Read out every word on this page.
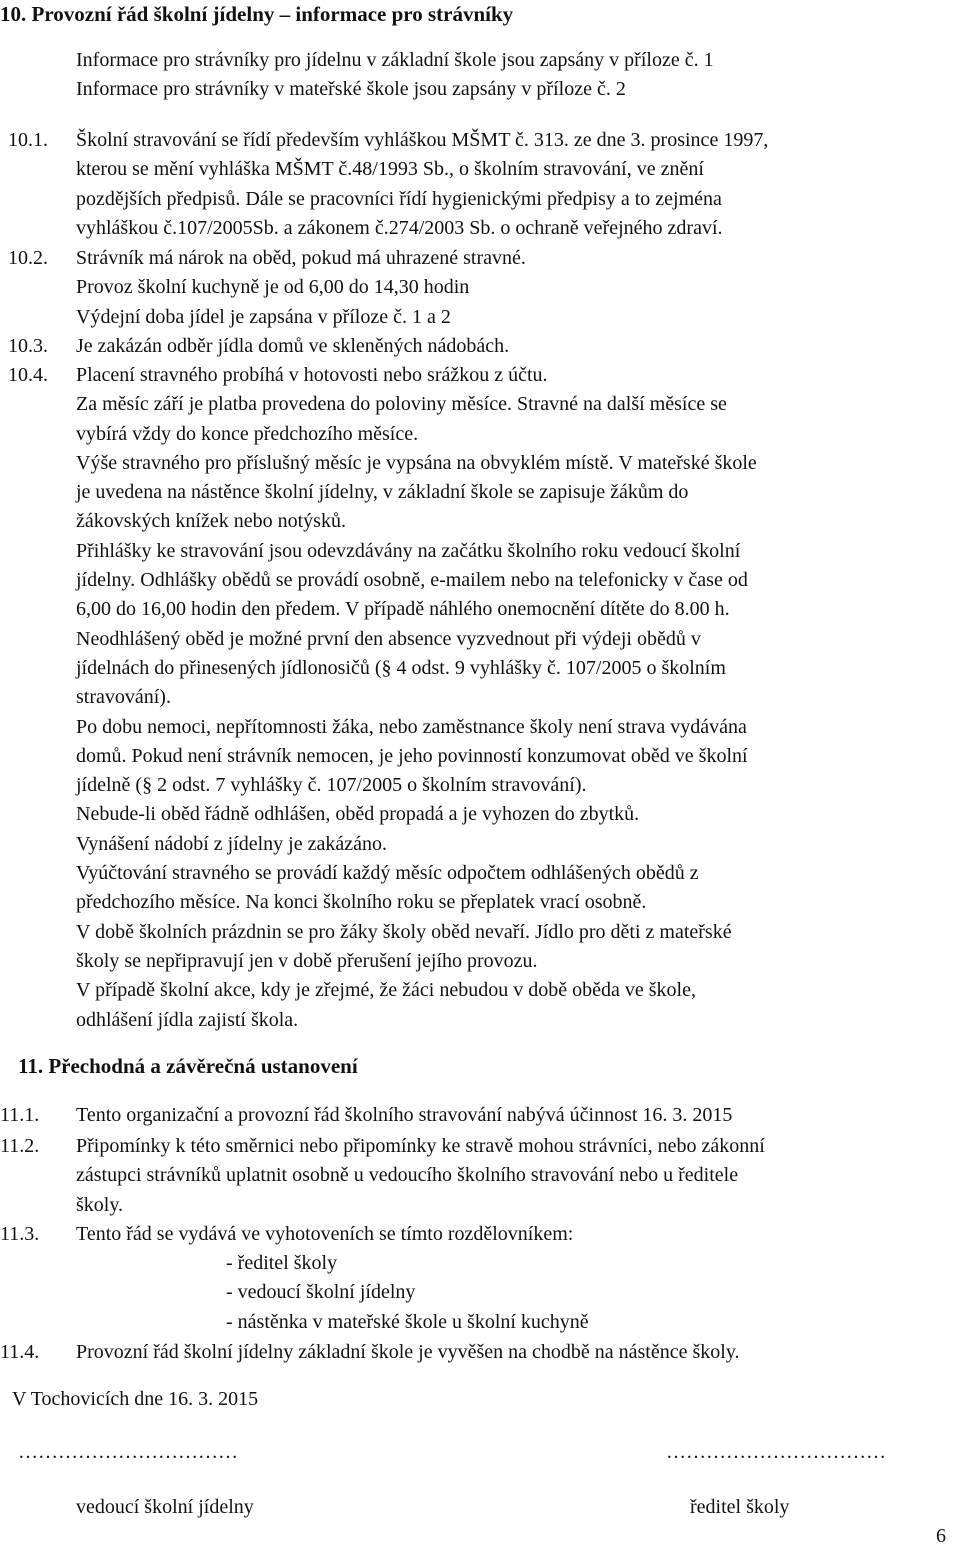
10. Provozní řád školní jídelny – informace pro strávníky
Informace pro strávníky pro jídelnu v základní škole jsou zapsány v příloze č. 1
Informace pro strávníky v mateřské škole jsou zapsány v příloze č. 2
10.1.	Školní stravování se řídí především vyhláškou MŠMT č. 313. ze dne 3. prosince 1997,
kterou se mění vyhláška MŠMT č.48/1993 Sb., o školním stravování, ve znění
pozdějších předpisů. Dále se pracovníci řídí hygienickými předpisy a to zejména
vyhláškou č.107/2005Sb. a zákonem č.274/2003 Sb. o ochraně veřejného zdraví.
10.2.	Strávník má nárok na oběd, pokud má uhrazené stravné.
Provoz školní kuchyně je od 6,00 do 14,30 hodin
Výdejní doba jídel je zapsána v příloze č. 1 a 2
10.3.	Je zakázán odběr jídla domů ve skleněných nádobách.
10.4.	Placení stravného probíhá v hotovosti nebo srážkou z účtu.
Za měsíc září je platba provedena do poloviny měsíce. Stravné na další měsíce se
vybírá vždy do konce předchozího měsíce.
Výše stravného pro příslušný měsíc je vypsána na obvyklém místě. V mateřské škole
je uvedena na nástěnce školní jídelny, v základní škole se zapisuje žákům do
žákovských knížek nebo notýsků.
Přihlášky ke stravování jsou odevzdávány na začátku školního roku vedoucí školní
jídelny. Odhlášky obědů se provádí osobně, e-mailem nebo na telefonicky v čase od
6,00 do 16,00 hodin den předem. V případě náhlého onemocnění dítěte do 8.00 h.
Neodhlášený oběd je možné první den absence vyzvednout při výdeji obědů v
jídelnách do přinesených jídlonosičů (§ 4 odst. 9 vyhlášky č. 107/2005 o školním
stravování).
Po dobu nemoci, nepřítomnosti žáka, nebo zaměstnance školy není strava vydávána
domů. Pokud není strávník nemocen, je jeho povinností konzumovat oběd ve školní
jídelně (§ 2 odst. 7 vyhlášky č. 107/2005 o školním stravování).
Nebude-li oběd řádně odhlášen, oběd propadá a je vyhozen do zbytků.
Vynášení nádobí z jídelny je zakázáno.
Vyúčtování stravného se provádí každý měsíc odpočtem odhlášených obědů z
předchozího měsíce. Na konci školního roku se přeplatek vrací osobně.
V době školních prázdnin se pro žáky školy oběd nevaří. Jídlo pro děti z mateřské
školy se nepřipravují jen v době přerušení jejího provozu.
V případě školní akce, kdy je zřejmé, že žáci nebudou v době oběda ve škole,
odhlášení jídla zajistí škola.
11. Přechodná a závěrečná ustanovení
11.1.	Tento organizační a provozní řád školního stravování nabývá účinnost 16. 3. 2015
11.2.	Připomínky k této směrnici nebo připomínky ke stravě mohou strávníci, nebo zákonní
zástupci strávníků uplatnit osobně u vedoucího školního stravování nebo u ředitele
školy.
11.3.	Tento řád se vydává ve vyhotoveních se tímto rozdělovníkem:
- ředitel školy
- vedoucí školní jídelny
- nástěnka v mateřské škole u školní kuchyně
11.4.	Provozní řád školní jídelny základní škole je vyvěšen na chodbě na nástěnce školy.
V Tochovicích dne 16. 3. 2015
……………………………	……………………………
vedoucí školní jídelny	ředitel školy
6
